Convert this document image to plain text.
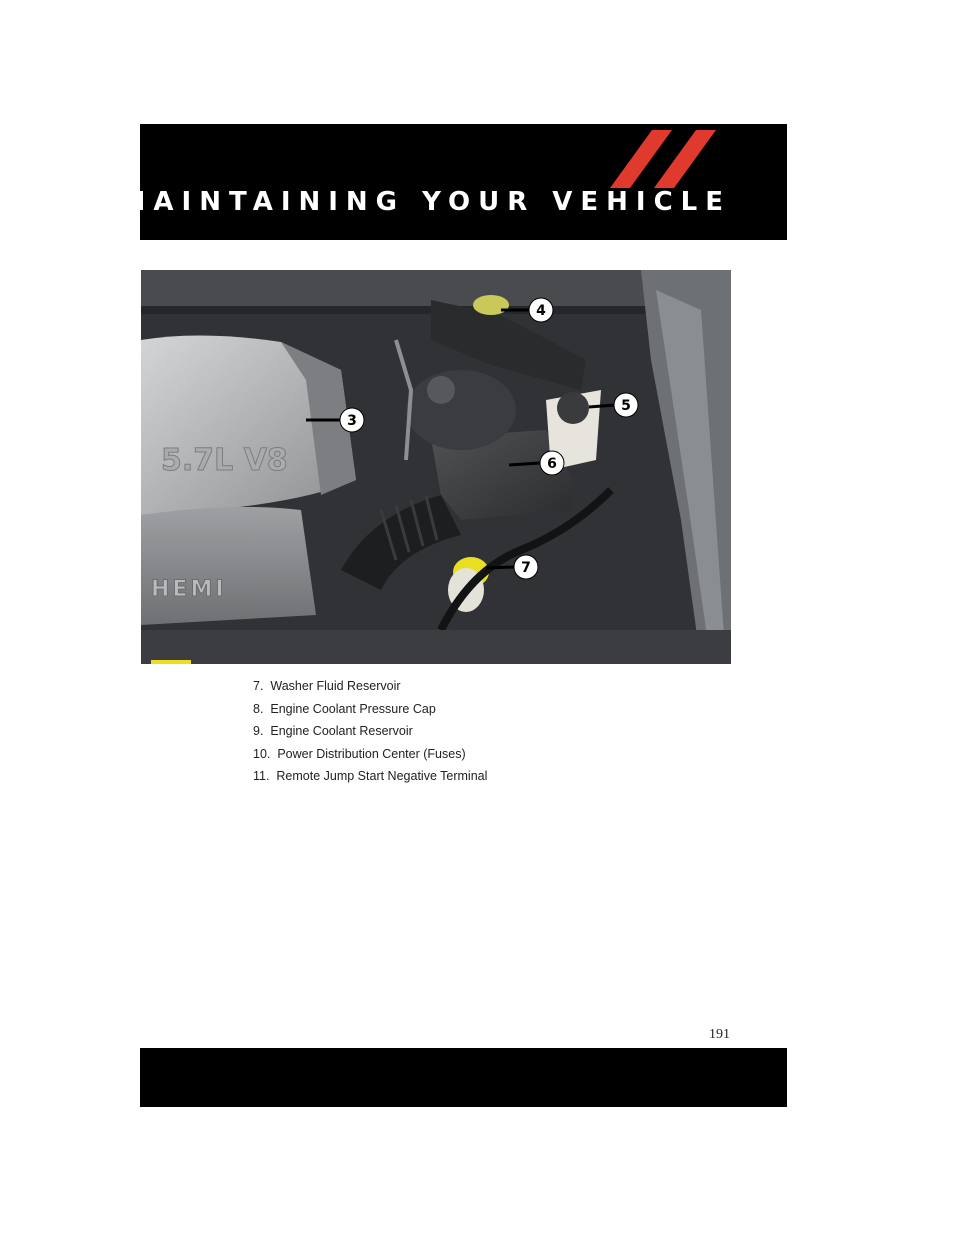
MAINTAINING YOUR VEHICLE
5.7L V8
HEMI
3
4
5
6
7
7. Washer Fluid Reservoir
8. Engine Coolant Pressure Cap
9. Engine Coolant Reservoir
10. Power Distribution Center (Fuses)
11. Remote Jump Start Negative Terminal
191
